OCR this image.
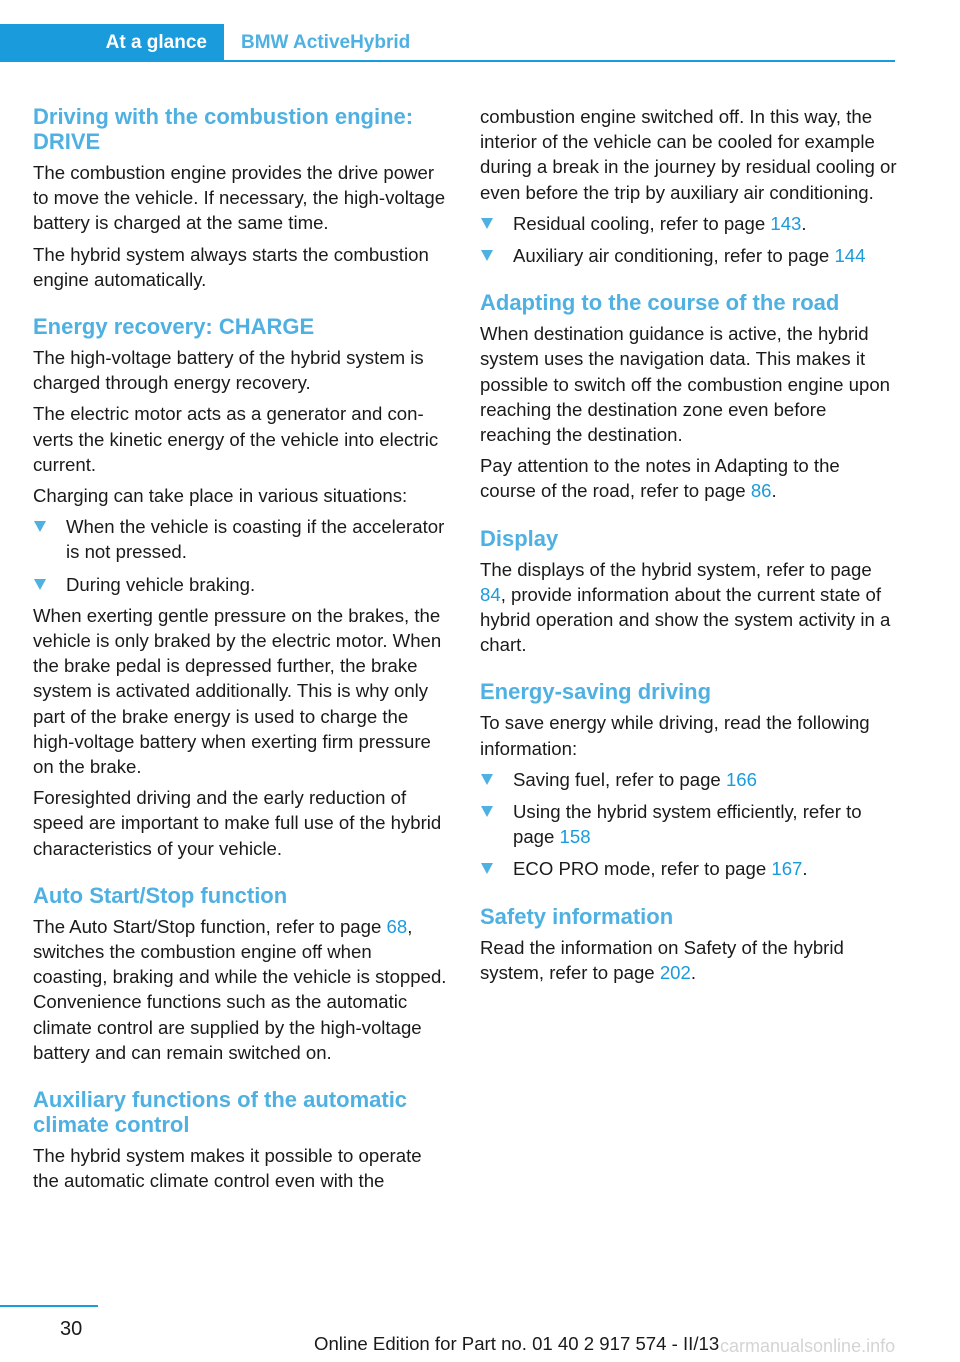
At a glance BMW ActiveHybrid
Driving with the combustion engine: DRIVE

The combustion engine provides the drive power to move the vehicle. If necessary, the high-voltage battery is charged at the same time.

The hybrid system always starts the combustion engine automatically.

Energy recovery: CHARGE

The high-voltage battery of the hybrid system is charged through energy recovery.

The electric motor acts as a generator and converts the kinetic energy of the vehicle into electric current.

Charging can take place in various situations:

When the vehicle is coasting if the accelerator is not pressed.
During vehicle braking.

When exerting gentle pressure on the brakes, the vehicle is only braked by the electric motor. When the brake pedal is depressed further, the brake system is activated additionally. This is why only part of the brake energy is used to charge the high-voltage battery when exerting firm pressure on the brake.

Foresighted driving and the early reduction of speed are important to make full use of the hybrid characteristics of your vehicle.

Auto Start/Stop function

The Auto Start/Stop function, refer to page 68, switches the combustion engine off when coasting, braking and while the vehicle is stopped. Convenience functions such as the automatic climate control are supplied by the high-voltage battery and can remain switched on.

Auxiliary functions of the automatic climate control

The hybrid system makes it possible to operate the automatic climate control even with the

combustion engine switched off. In this way, the interior of the vehicle can be cooled for example during a break in the journey by residual cooling or even before the trip by auxiliary air conditioning.

Residual cooling, refer to page 143.
Auxiliary air conditioning, refer to page 144
Adapting to the course of the road

When destination guidance is active, the hybrid system uses the navigation data. This makes it possible to switch off the combustion engine upon reaching the destination zone even before reaching the destination.

Pay attention to the notes in Adapting to the course of the road, refer to page 86.

Display

The displays of the hybrid system, refer to page 84, provide information about the current state of hybrid operation and show the system activity in a chart.

Energy-saving driving

To save energy while driving, read the following information:

Saving fuel, refer to page 166
Using the hybrid system efficiently, refer to page 158
ECO PRO mode, refer to page 167.
Safety information

Read the information on Safety of the hybrid system, refer to page 202.

30
Online Edition for Part no. 01 40 2 917 574 - II/13 carmanualsonline.info
